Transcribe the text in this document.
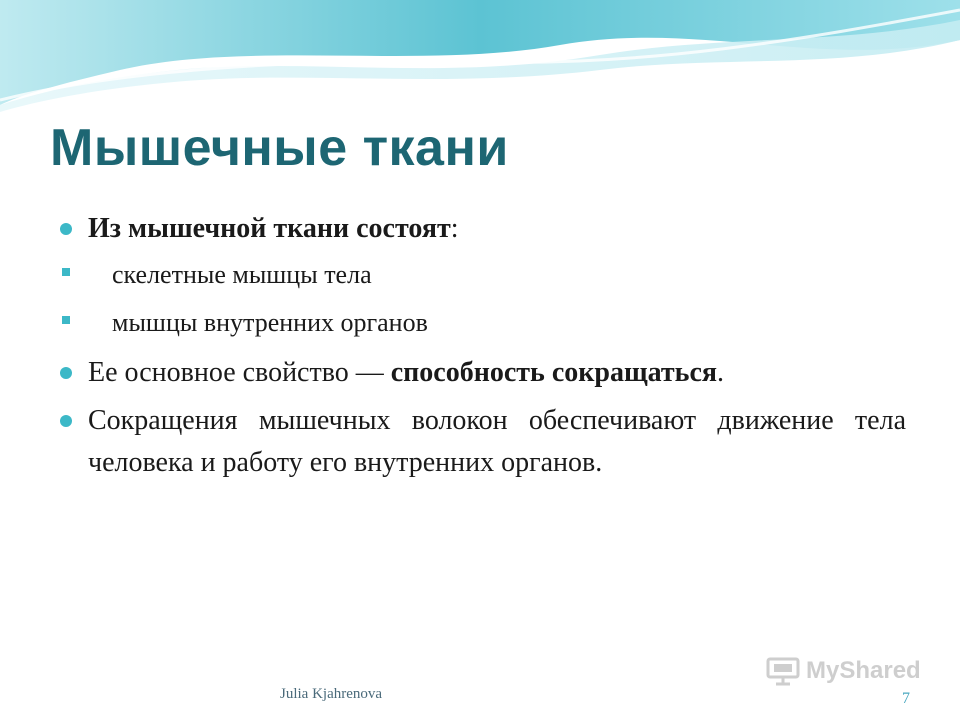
Мышечные ткани
Из мышечной ткани состоят:
скелетные мышцы тела
мышцы внутренних органов
Ее основное свойство — способность сокращаться.
Сокращения мышечных волокон обеспечивают движение тела человека и работу его внутренних органов.
Julia Kjahrenova	7
MyShared
